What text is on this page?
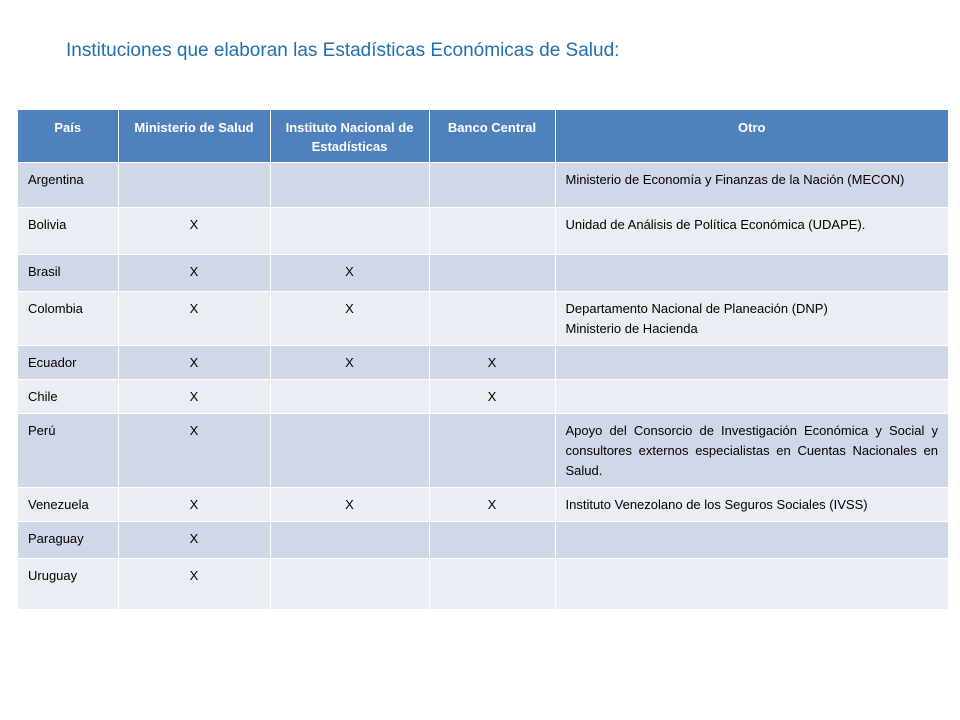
Instituciones que elaboran las Estadísticas Económicas de Salud:
País	Ministerio de Salud	Instituto Nacional de Estadísticas	Banco Central	Otro
Argentina				Ministerio de Economía y Finanzas de la Nación (MECON)
Bolivia	X			Unidad de Análisis de Política Económica (UDAPE).
Brasil	X	X		
Colombia	X	X		Departamento Nacional de Planeación (DNP)
Ministerio de Hacienda

Ecuador	X	X	X	
Chile	X		X	
Perú	X			Apoyo del Consorcio de Investigación Económica y Social y consultores externos especialistas en Cuentas Nacionales en Salud.
Venezuela	X	X	X	Instituto Venezolano de los Seguros Sociales (IVSS)
Paraguay	X			
Uruguay	X			
